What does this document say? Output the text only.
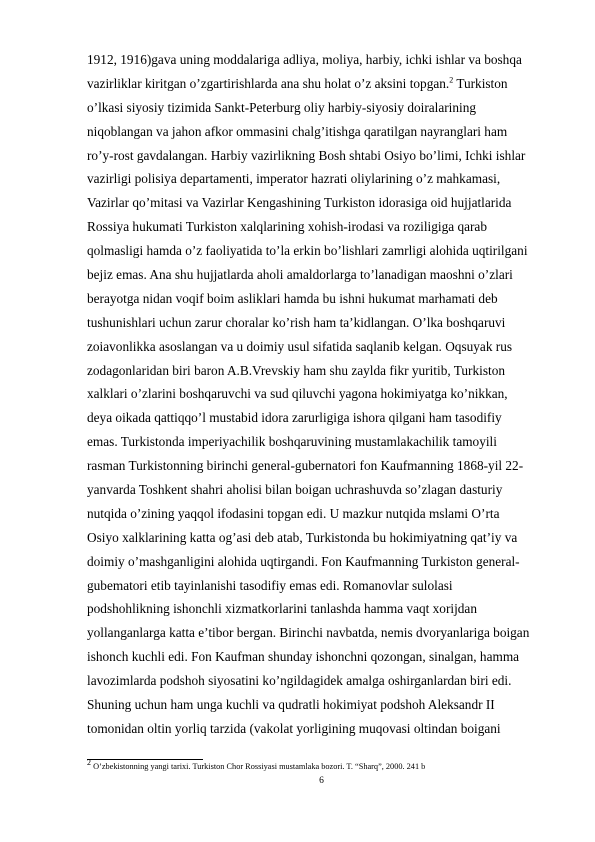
1912, 1916)gava uning moddalariga adliya, moliya, harbiy, ichki ishlar va boshqa
vazirliklar kiritgan o’zgartirishlarda ana shu holat o’z aksini topgan.$^2$ Turkiston
o’lkasi siyosiy tizimida Sankt-Peterburg oliy harbiy-siyosiy doiralarining
niqoblangan va jahon afkor ommasini chalg’itishga qaratilgan nayranglari ham
ro’y-rost gavdalangan. Harbiy vazirlikning Bosh shtabi Osiyo bo’limi, Ichki ishlar
vazirligi polisiya departamenti, imperator hazrati oliylarining o’z mahkamasi,
Vazirlar qo’mitasi va Vazirlar Kengashining Turkiston idorasiga oid hujjatlarida
Rossiya hukumati Turkiston xalqlarining xohish-irodasi va roziligiga qarab
qolmasligi hamda o’z faoliyatida to’la erkin bo’lishlari zamrligi alohida uqtirilgani
bejiz emas. Ana shu hujjatlarda aholi amaldorlarga to’lanadigan maoshni o’zlari
berayotga nidan voqif boim asliklari hamda bu ishni hukumat marhamati deb
tushunishlari uchun zarur choralar ko’rish ham ta’kidlangan. O’lka boshqaruvi
zoiavonlikka asoslangan va u doimiy usul sifatida saqlanib kelgan. Oqsuyak rus
zodagonlaridan biri baron A.B.Vrevskiy ham shu zaylda fikr yuritib, Turkiston
xalklari o’zlarini boshqaruvchi va sud qiluvchi yagona hokimiyatga ko’nikkan,
deya oikada qattiqqo’l mustabid idora zarurligiga ishora qilgani ham tasodifiy
emas. Turkistonda imperiyachilik boshqaruvining mustamlakachilik tamoyili
rasman Turkistonning birinchi general-gubernatori fon Kaufmanning 1868-yil 22-
yanvarda Toshkent shahri aholisi bilan boigan uchrashuvda so’zlagan dasturiy
nutqida o’zining yaqqol ifodasini topgan edi. U mazkur nutqida mslami O’rta
Osiyo xalklarining katta og’asi deb atab, Turkistonda bu hokimiyatning qat’iy va
doimiy o’mashganligini alohida uqtirgandi. Fon Kaufmanning Turkiston general-
gubematori etib tayinlanishi tasodifiy emas edi. Romanovlar sulolasi
podshohlikning ishonchli xizmatkorlarini tanlashda hamma vaqt xorijdan
yollanganlarga katta e’tibor bergan. Birinchi navbatda, nemis dvoryanlariga boigan
ishonch kuchli edi. Fon Kaufman shunday ishonchni qozongan, sinalgan, hamma
lavozimlarda podshoh siyosatini ko’ngildagidek amalga oshirganlardan biri edi.
Shuning uchun ham unga kuchli va qudratli hokimiyat podshoh Aleksandr II
tomonidan oltin yorliq tarzida (vakolat yorligining muqovasi oltindan boigani
$^2$ O’zbekistonning yangi tarixi. Turkiston Chor Rossiyasi mustamlaka bozori. T. “Sharq”, 2000. 241 b
6
